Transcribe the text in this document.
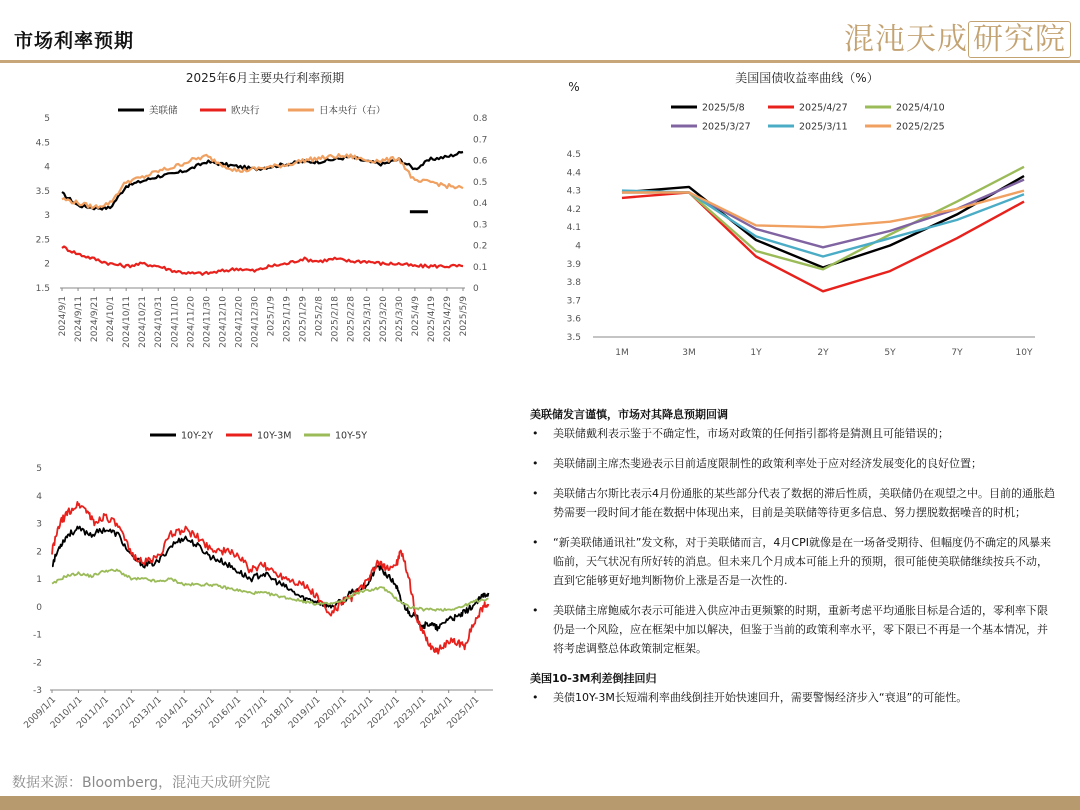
市场利率预期	混沌天成 研究院
2025年6月主要央行利率预期
美联储	欧央行	日本央行（右）
1.5
2
2.5
3
3.5
4
4.5
5
0
0.1
0.2
0.3
0.4
0.5
0.6
0.7
0.8
2024/9/1 2024/9/11 2024/9/21 2024/10/1 2024/10/11 2024/10/21 2024/10/31 2024/11/10 2024/11/20 2024/11/30 2024/12/10 2024/12/20 2024/12/30 2025/1/9 2025/1/19 2025/1/29 2025/2/8 2025/2/18 2025/2/28 2025/3/10 2025/3/20 2025/3/30 2025/4/9 2025/4/19 2025/4/29 2025/5/9
美国国债收益率曲线（%）
%
2025/5/8	2025/4/27	2025/4/10
2025/3/27	2025/3/11	2025/2/25
3.5
3.6
3.7
3.8
3.9
4
4.1
4.2
4.3
4.4
4.5
1M	3M	1Y	2Y	5Y	7Y	10Y
10Y-2Y	10Y-3M	10Y-5Y
-3
-2
-1
0
1
2
3
4
5
2009/1/1
2010/1/1
2011/1/1
2012/1/1
2013/1/1
2014/1/1
2015/1/1
2016/1/1
2017/1/1
2018/1/1
2019/1/1
2020/1/1
2021/1/1
2022/1/1
2023/1/1
2024/1/1
2025/1/1
美联储发言谨慎，市场对其降息预期回调
• 美联储戴利表示鉴于不确定性，市场对政策的任何指引都将是猜测且可能错误的；
• 美联储副主席杰斐逊表示目前适度限制性的政策利率处于应对经济发展变化的良好位置；
• 美联储古尔斯比表示4月份通胀的某些部分代表了数据的滞后性质，美联储仍在观望之中。目前的通胀趋势需要一段时间才能在数据中体现出来，目前是美联储等待更多信息、努力摆脱数据噪音的时机；
• “新美联储通讯社”发文称，对于美联储而言，4月CPI就像是在一场备受期待、但幅度仍不确定的风暴来临前，天气状况有所好转的消息。但未来几个月成本可能上升的预期，很可能使美联储继续按兵不动，直到它能够更好地判断物价上涨是否是一次性的.
• 美联储主席鲍威尔表示可能进入供应冲击更频繁的时期，重新考虑平均通胀目标是合适的，零利率下限仍是一个风险，应在框架中加以解决，但鉴于当前的政策利率水平，零下限已不再是一个基本情况，并将考虑调整总体政策制定框架。
美国10-3M利差倒挂回归
• 美债10Y-3M长短端利率曲线倒挂开始快速回升，需要警惕经济步入“衰退”的可能性。
数据来源：Bloomberg，混沌天成研究院
